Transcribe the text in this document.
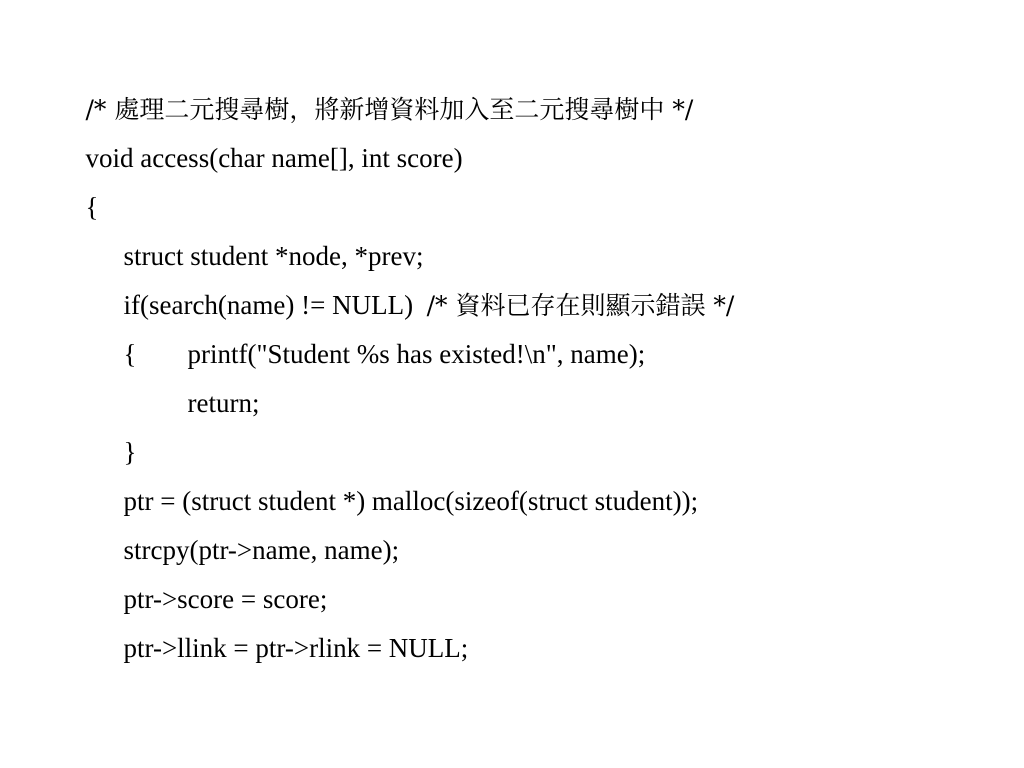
/* 處理二元搜尋樹，將新增資料加入至二元搜尋樹中 */

void access(char name[], int score)

{

struct student *node, *prev;

if(search(name) != NULL) /* 資料已存在則顯示錯誤 */

{ printf("Student %s has existed!\n", name);

return;

}

ptr = (struct student *) malloc(sizeof(struct student));

strcpy(ptr->name, name);

ptr->score = score;

ptr->llink = ptr->rlink = NULL;
